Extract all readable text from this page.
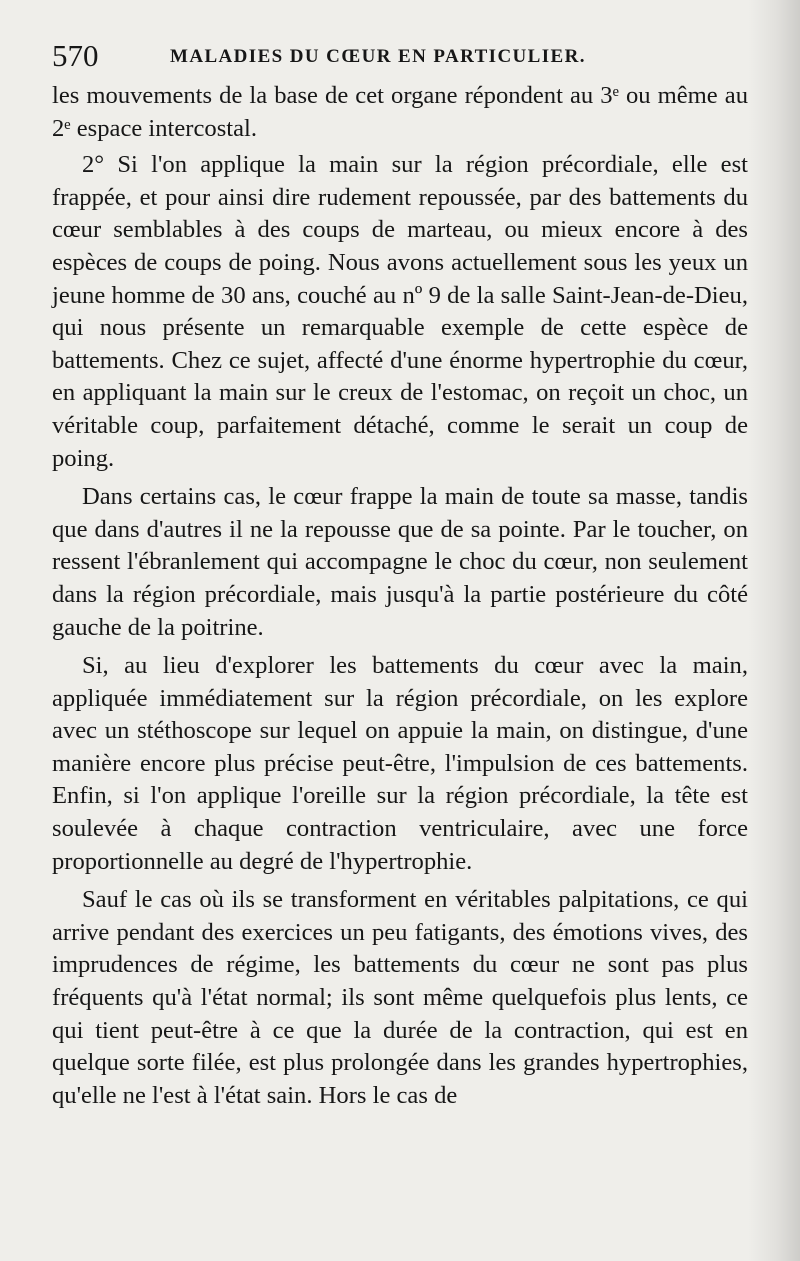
570	MALADIES DU CŒUR EN PARTICULIER.

les mouvements de la base de cet organe répondent au 3ᵉ ou même au 2ᵉ espace intercostal.

2° Si l'on applique la main sur la région précordiale, elle est frappée, et pour ainsi dire rudement repoussée, par des battements du cœur semblables à des coups de marteau, ou mieux encore à des espèces de coups de poing. Nous avons actuellement sous les yeux un jeune homme de 30 ans, couché au nº 9 de la salle Saint-Jean-de-Dieu, qui nous présente un remarquable exemple de cette espèce de battements. Chez ce sujet, affecté d'une énorme hypertrophie du cœur, en appliquant la main sur le creux de l'estomac, on reçoit un choc, un véritable coup, parfaitement détaché, comme le serait un coup de poing.

Dans certains cas, le cœur frappe la main de toute sa masse, tandis que dans d'autres il ne la repousse que de sa pointe. Par le toucher, on ressent l'ébranlement qui accompagne le choc du cœur, non seulement dans la région précordiale, mais jusqu'à la partie postérieure du côté gauche de la poitrine.

Si, au lieu d'explorer les battements du cœur avec la main, appliquée immédiatement sur la région précordiale, on les explore avec un stéthoscope sur lequel on appuie la main, on distingue, d'une manière encore plus précise peut-être, l'impulsion de ces battements. Enfin, si l'on applique l'oreille sur la région précordiale, la tête est soulevée à chaque contraction ventriculaire, avec une force proportionnelle au degré de l'hypertrophie.

Sauf le cas où ils se transforment en véritables palpitations, ce qui arrive pendant des exercices un peu fatigants, des émotions vives, des imprudences de régime, les battements du cœur ne sont pas plus fréquents qu'à l'état normal; ils sont même quelquefois plus lents, ce qui tient peut-être à ce que la durée de la contraction, qui est en quelque sorte filée, est plus prolongée dans les grandes hypertrophies, qu'elle ne l'est à l'état sain. Hors le cas de
